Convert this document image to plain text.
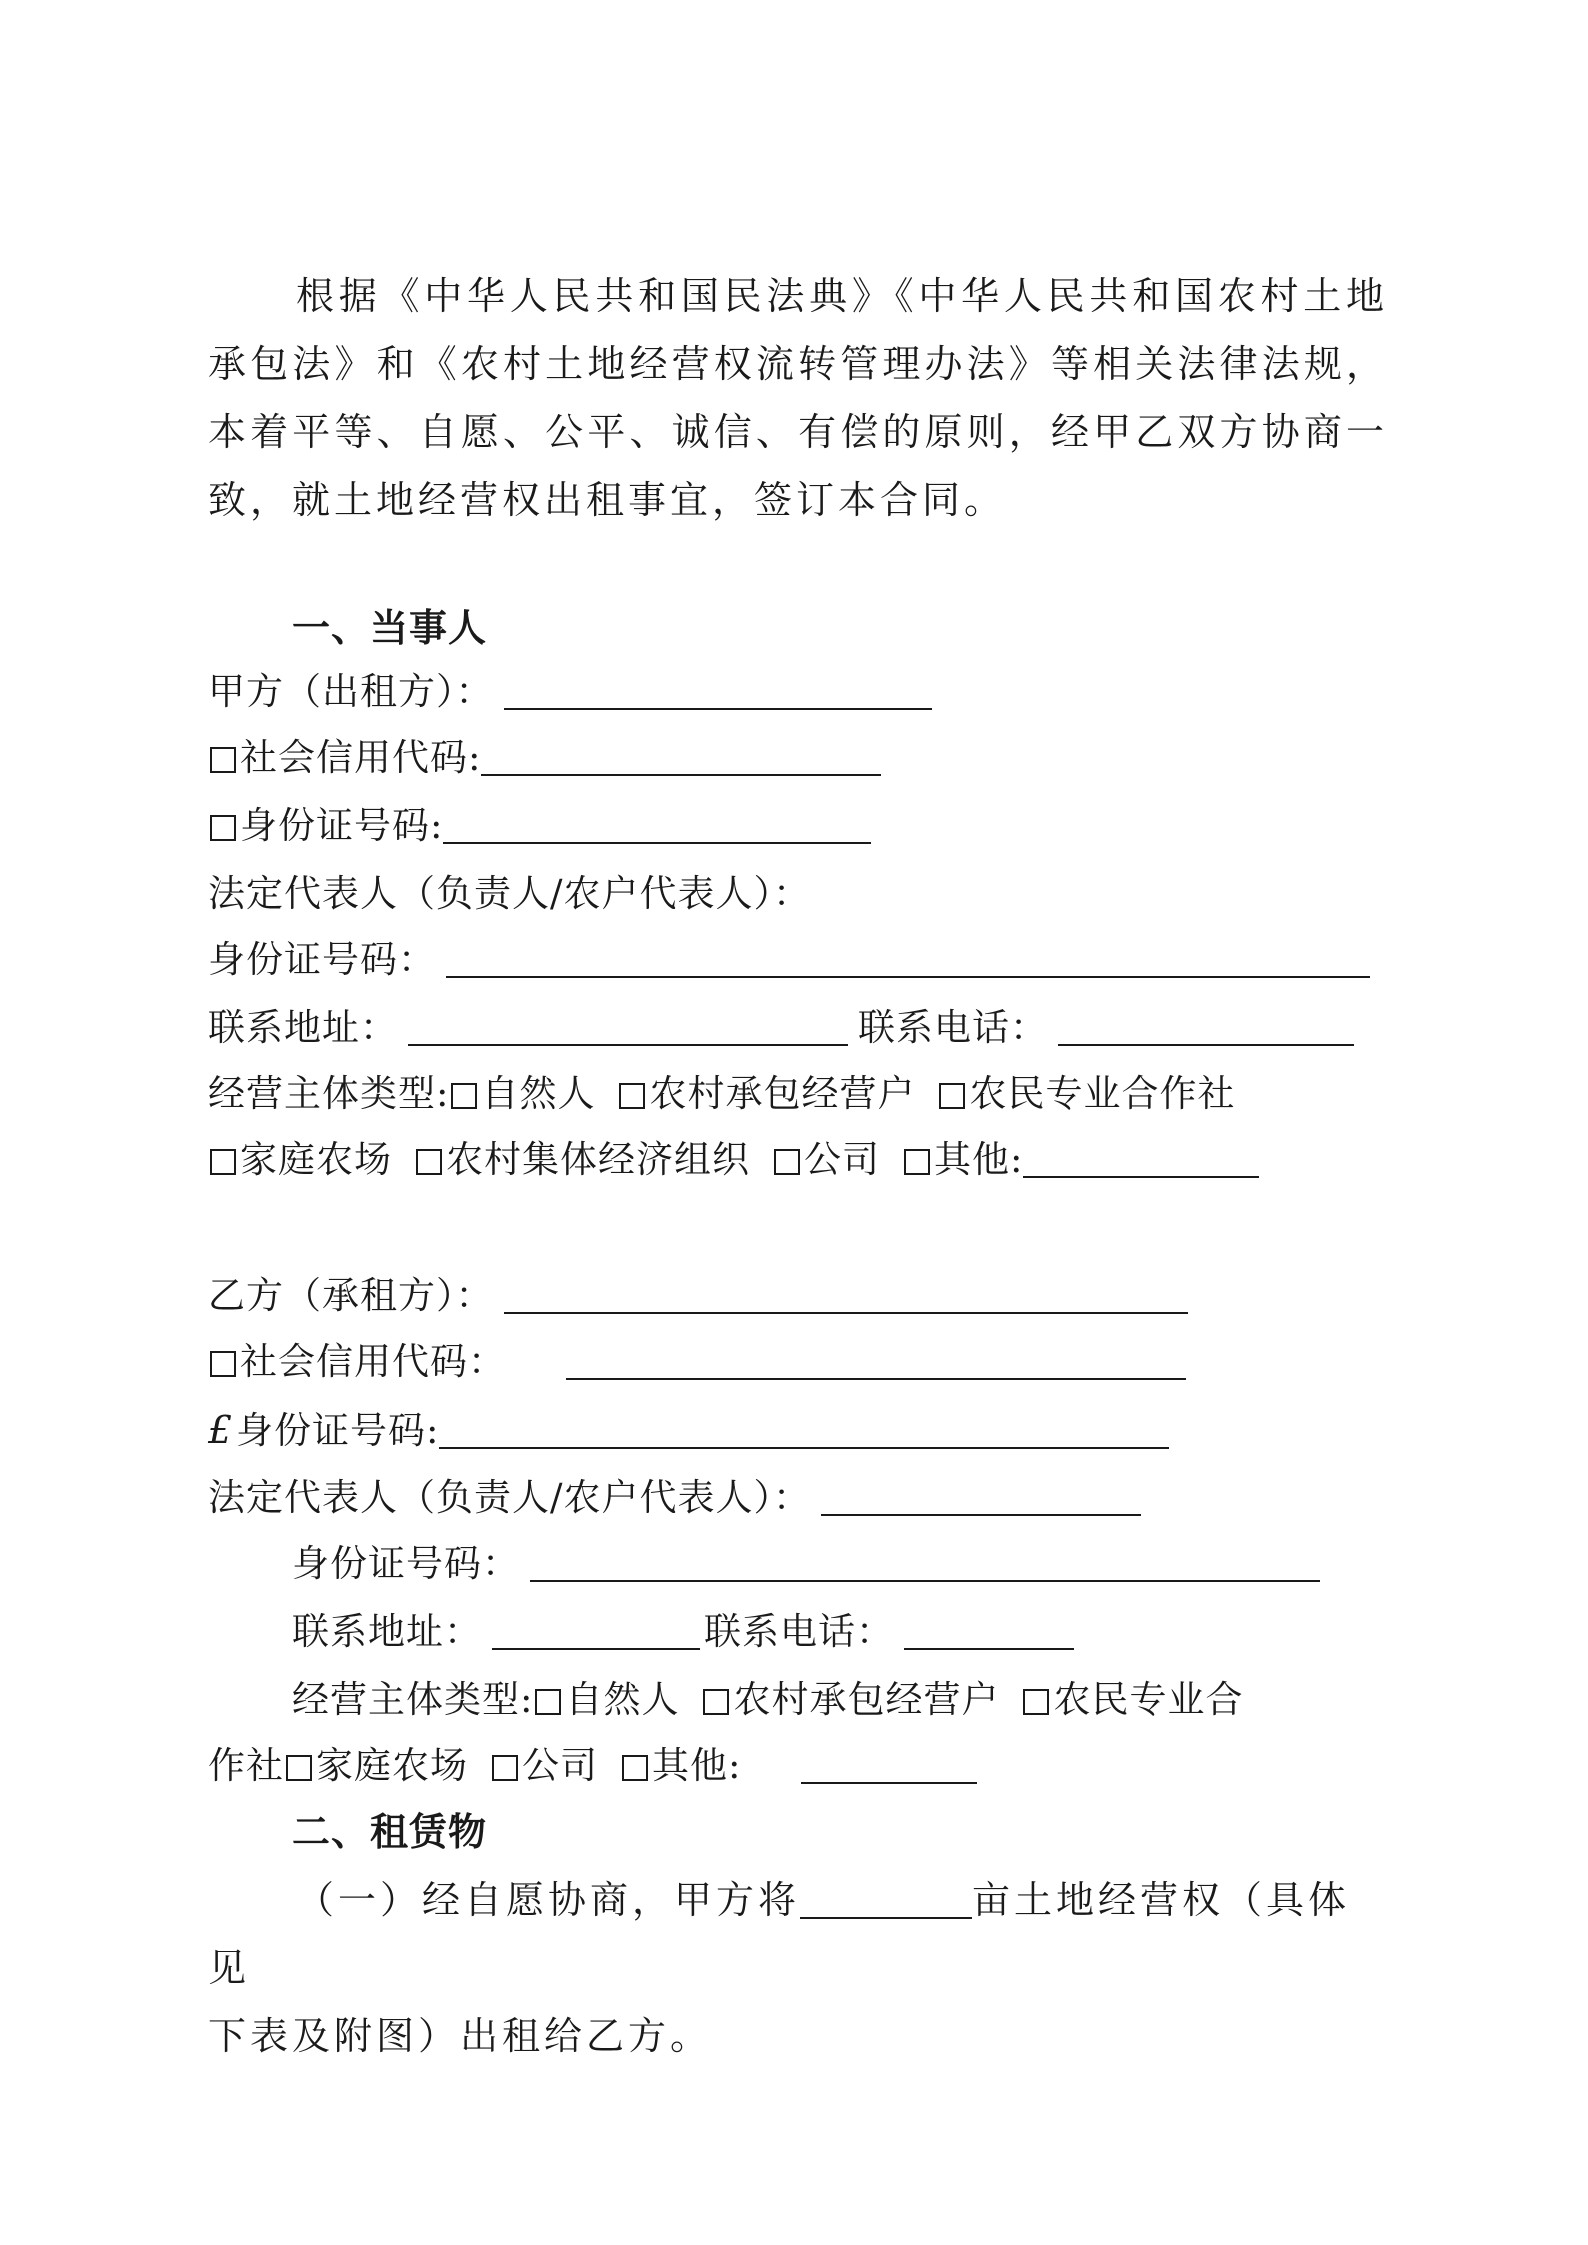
根据《中华人民共和国民法典》《中华人民共和国农村土地承包法》和《农村土地经营权流转管理办法》等相关法律法规，本着平等、自愿、公平、诚信、有偿的原则，经甲乙双方协商一致，就土地经营权出租事宜，签订本合同。
一、当事人
甲方（出租方）：
社会信用代码:
身份证号码:
法定代表人（负责人/农户代表人）：
身份证号码：
联系地址：	联系电话：
经营主体类型: 自然人 农村承包经营户 农民专业合作社
家庭农场 农村集体经济组织 公司 其他:
乙方（承租方）：
社会信用代码：
£身份证号码:
法定代表人（负责人/农户代表人）：
身份证号码：
联系地址：	联系电话：
经营主体类型: 自然人 农村承包经营户 农民专业合
作社 家庭农场 公司 其他:
二、租赁物
（一）经自愿协商，甲方将	亩土地经营权（具体见
下表及附图）出租给乙方。
